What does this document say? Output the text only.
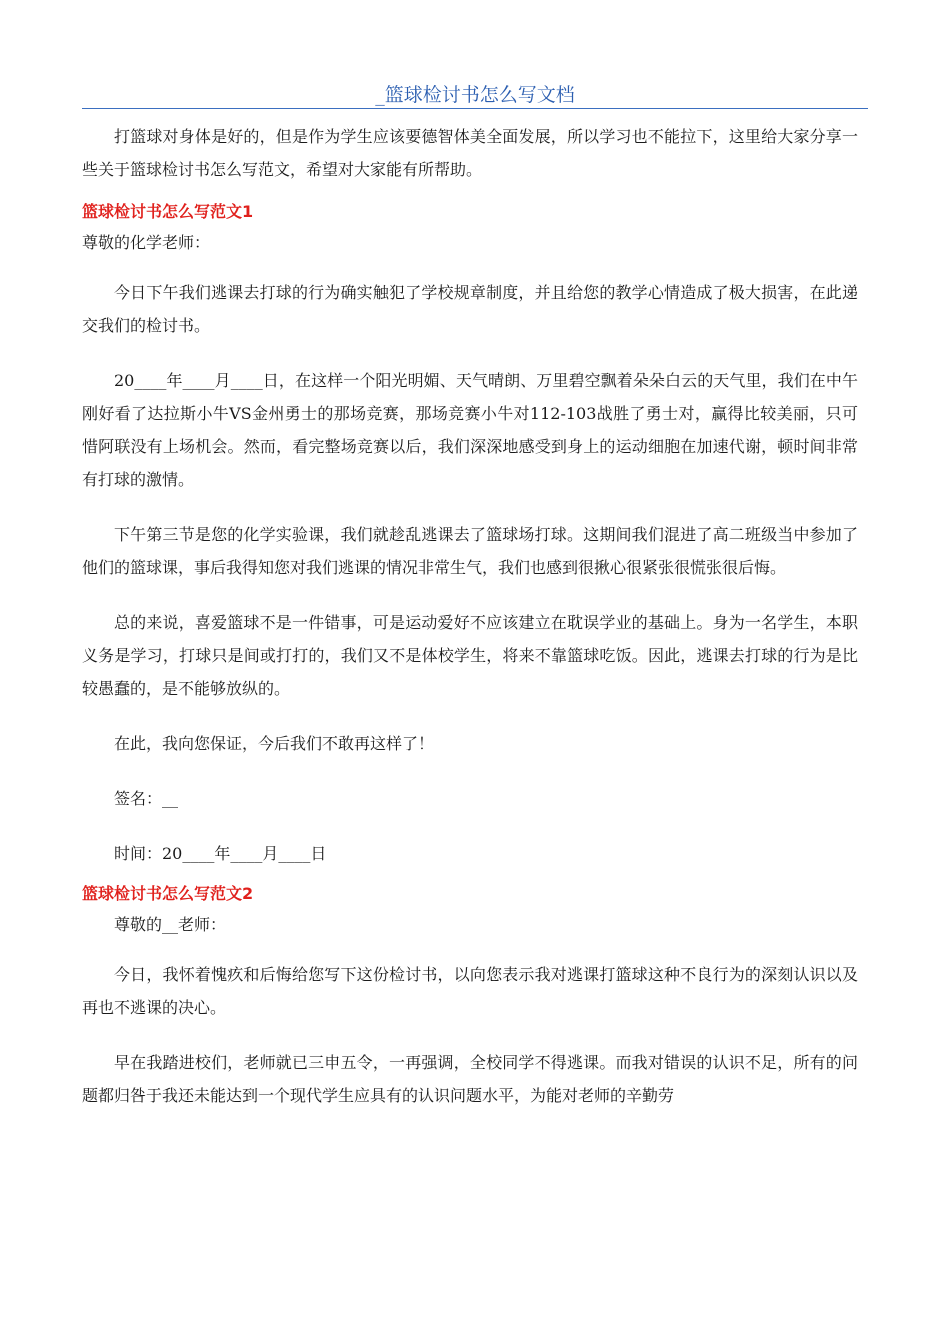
_篮球检讨书怎么写文档

打篮球对身体是好的，但是作为学生应该要德智体美全面发展，所以学习也不能拉下，这里给大家分享一些关于篮球检讨书怎么写范文，希望对大家能有所帮助。

篮球检讨书怎么写范文1

尊敬的化学老师：

今日下午我们逃课去打球的行为确实触犯了学校规章制度，并且给您的教学心情造成了极大损害，在此递交我们的检讨书。

20____年____月____日，在这样一个阳光明媚、天气晴朗、万里碧空飘着朵朵白云的天气里，我们在中午刚好看了达拉斯小牛VS金州勇士的那场竞赛，那场竞赛小牛对112-103战胜了勇士对，赢得比较美丽，只可惜阿联没有上场机会。然而，看完整场竞赛以后，我们深深地感受到身上的运动细胞在加速代谢，顿时间非常有打球的激情。

下午第三节是您的化学实验课，我们就趁乱逃课去了篮球场打球。这期间我们混进了高二班级当中参加了他们的篮球课，事后我得知您对我们逃课的情况非常生气，我们也感到很揪心很紧张很慌张很后悔。

总的来说，喜爱篮球不是一件错事，可是运动爱好不应该建立在耽误学业的基础上。身为一名学生，本职义务是学习，打球只是间或打打的，我们又不是体校学生，将来不靠篮球吃饭。因此，逃课去打球的行为是比较愚蠢的，是不能够放纵的。

在此，我向您保证，今后我们不敢再这样了！

签名：__

时间：20____年____月____日

篮球检讨书怎么写范文2

尊敬的__老师：

今日，我怀着愧疚和后悔给您写下这份检讨书，以向您表示我对逃课打篮球这种不良行为的深刻认识以及再也不逃课的决心。

早在我踏进校们，老师就已三申五令，一再强调，全校同学不得逃课。而我对错误的认识不足，所有的问题都归咎于我还未能达到一个现代学生应具有的认识问题水平，为能对老师的辛勤劳
